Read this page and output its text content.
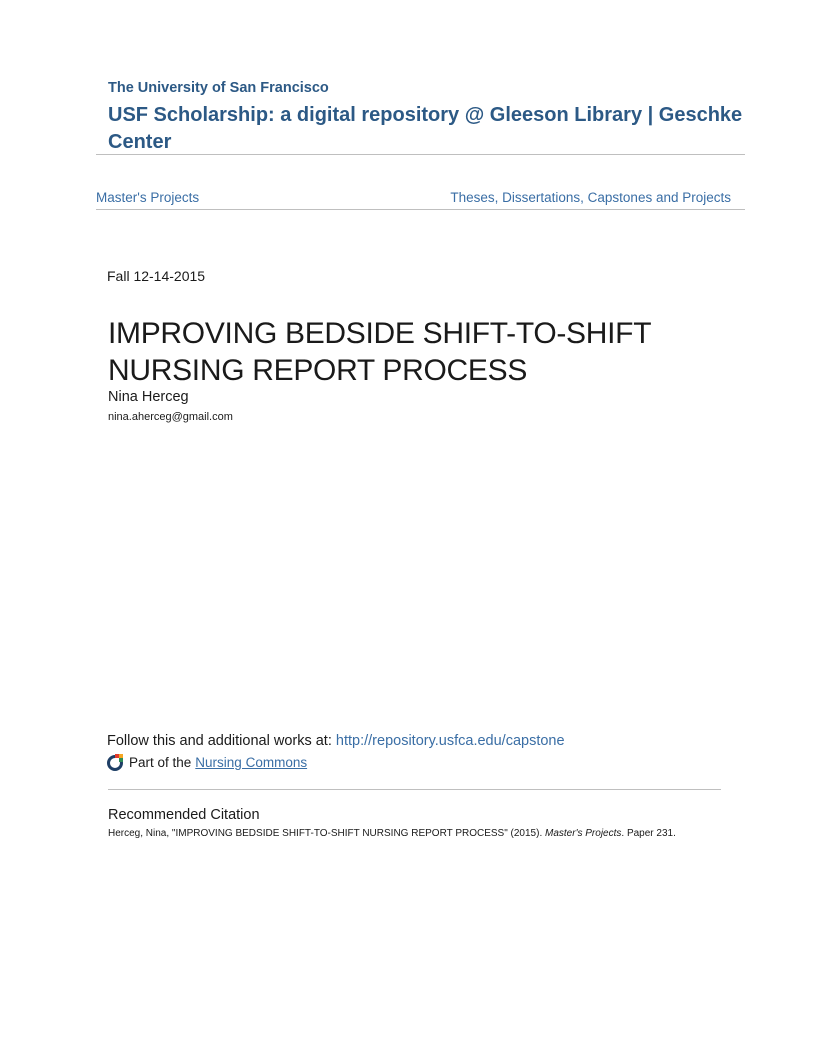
The University of San Francisco
USF Scholarship: a digital repository @ Gleeson Library | Geschke Center
Master's Projects	Theses, Dissertations, Capstones and Projects
Fall 12-14-2015
IMPROVING BEDSIDE SHIFT-TO-SHIFT NURSING REPORT PROCESS
Nina Herceg
nina.aherceg@gmail.com
Follow this and additional works at: http://repository.usfca.edu/capstone
Part of the Nursing Commons
Recommended Citation
Herceg, Nina, "IMPROVING BEDSIDE SHIFT-TO-SHIFT NURSING REPORT PROCESS" (2015). Master's Projects. Paper 231.
